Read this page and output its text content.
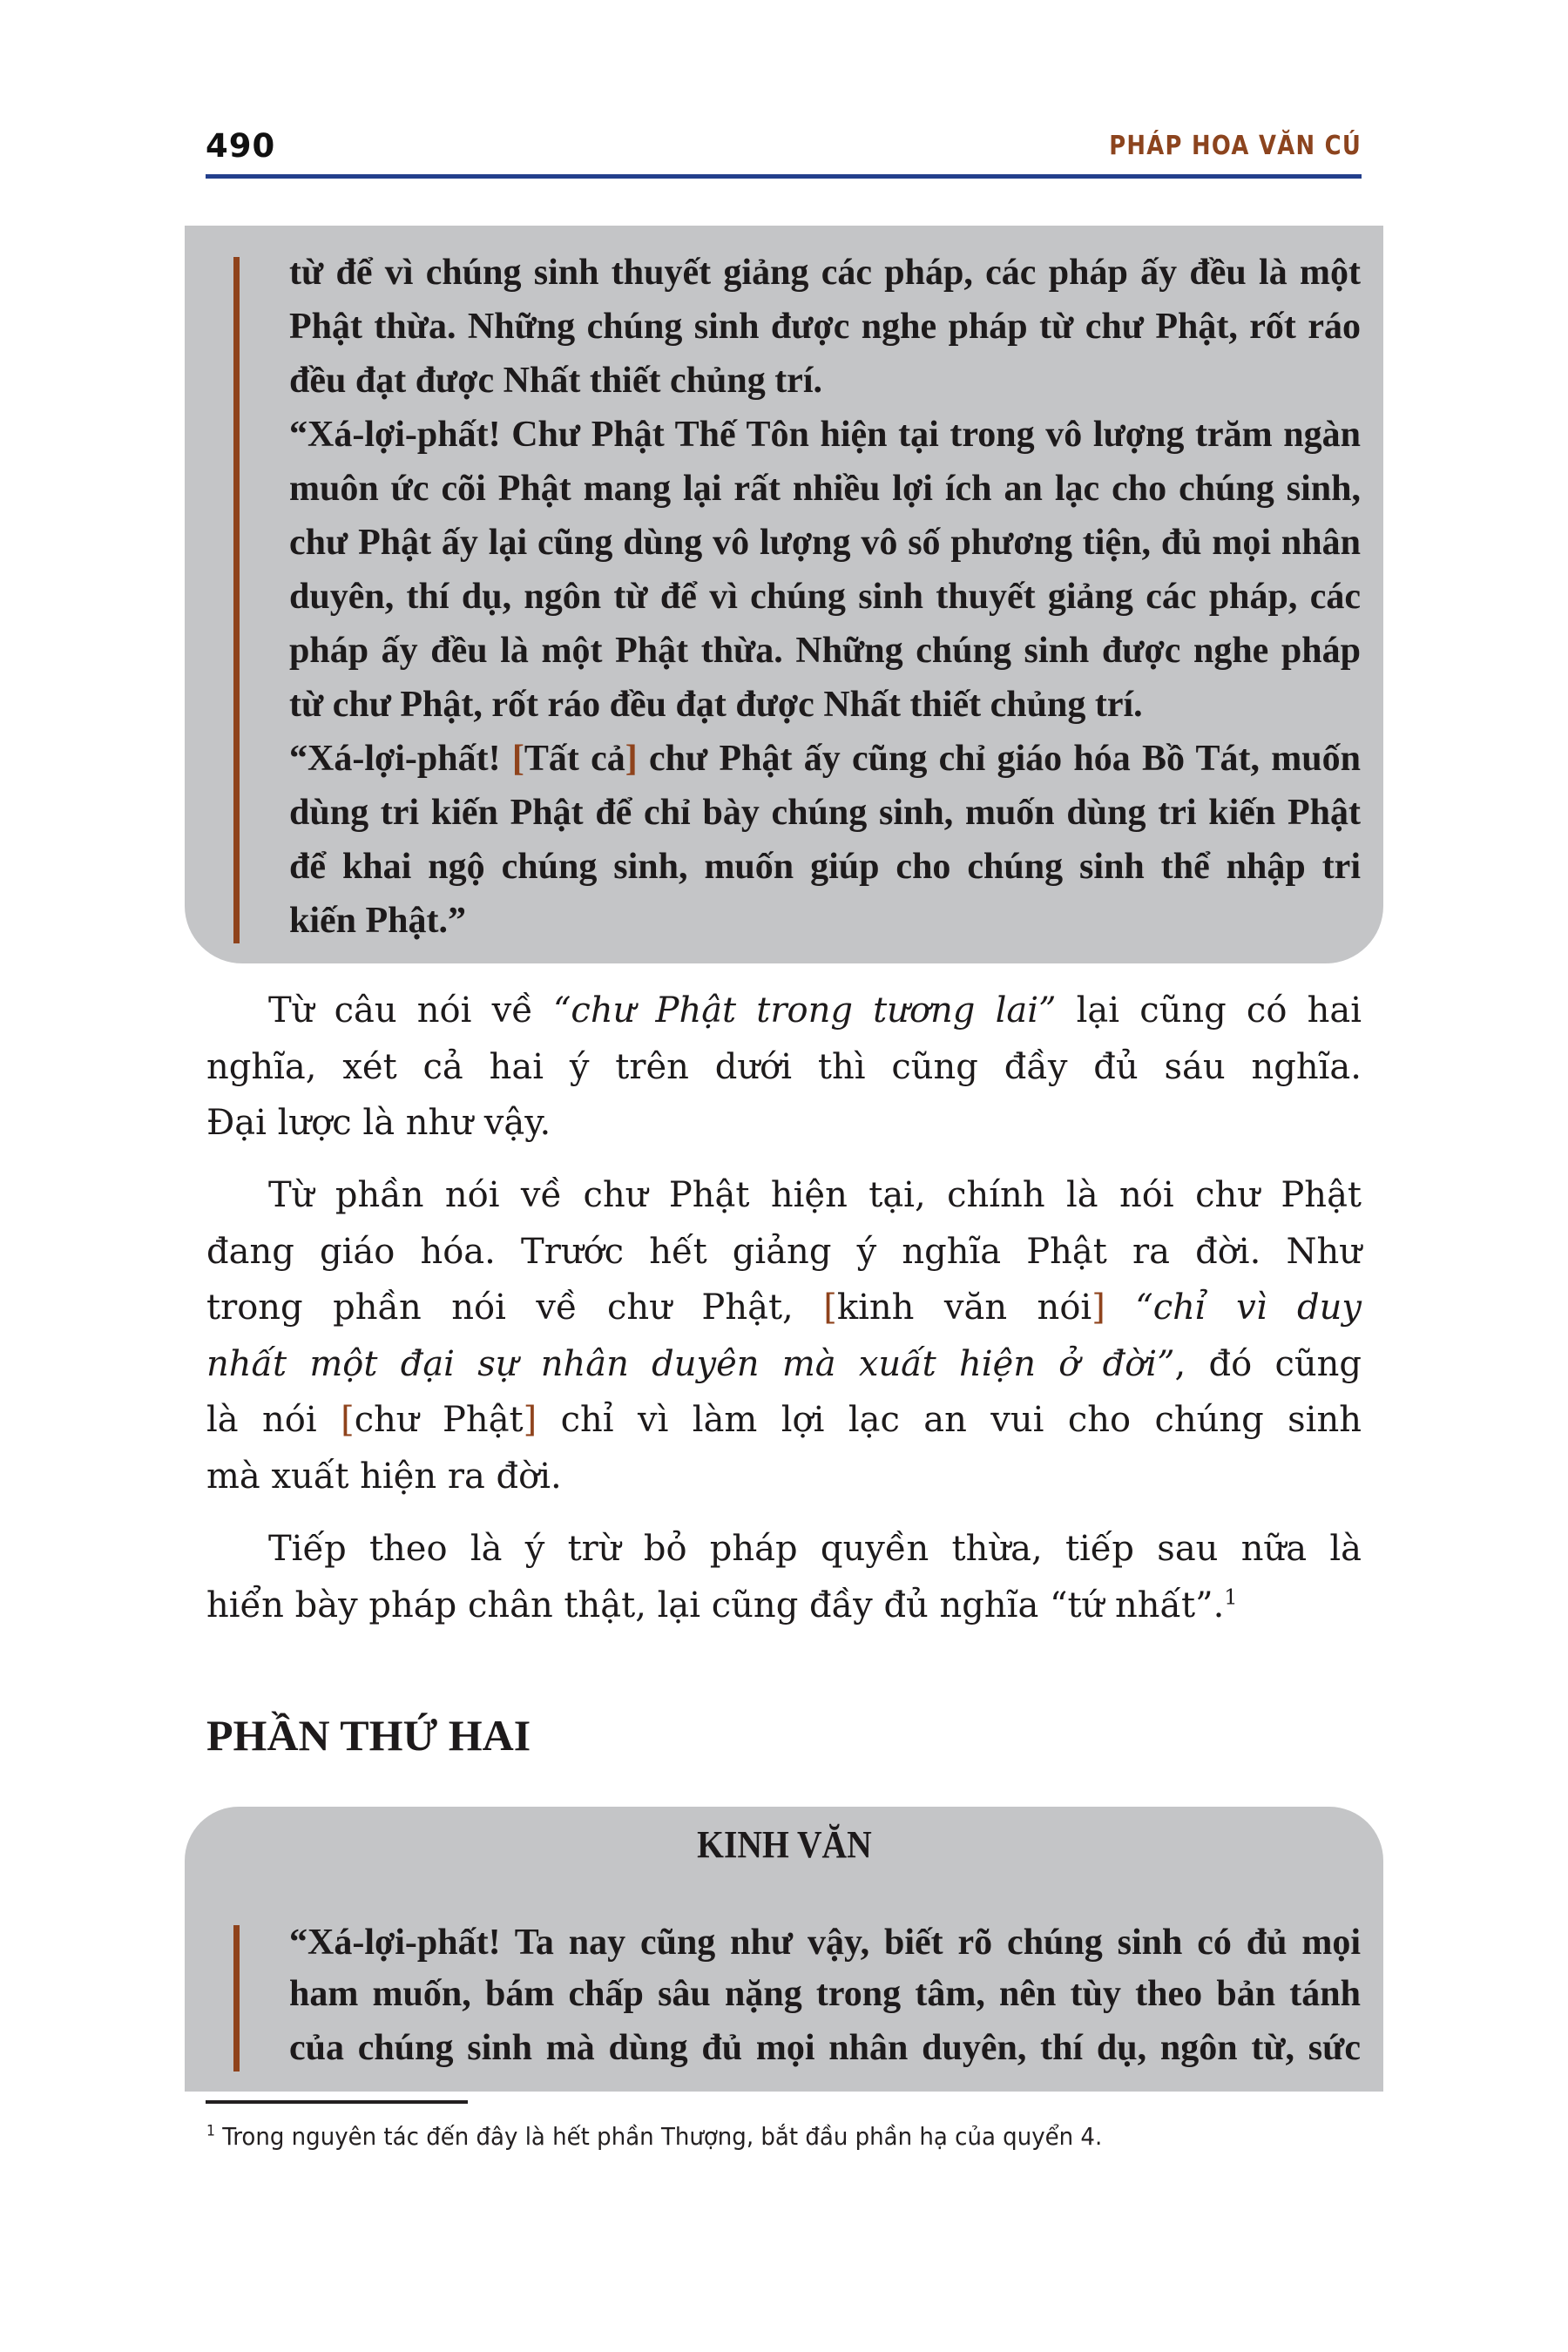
490	PHÁP HOA VĂN CÚ
từ để vì chúng sinh thuyết giảng các pháp, các pháp ấy đều là một
Phật thừa. Những chúng sinh được nghe pháp từ chư Phật, rốt ráo
đều đạt được Nhất thiết chủng trí.
“Xá-lợi-phất! Chư Phật Thế Tôn hiện tại trong vô lượng trăm ngàn
muôn ức cõi Phật mang lại rất nhiều lợi ích an lạc cho chúng sinh,
chư Phật ấy lại cũng dùng vô lượng vô số phương tiện, đủ mọi nhân
duyên, thí dụ, ngôn từ để vì chúng sinh thuyết giảng các pháp, các
pháp ấy đều là một Phật thừa. Những chúng sinh được nghe pháp
từ chư Phật, rốt ráo đều đạt được Nhất thiết chủng trí.
“Xá-lợi-phất! [Tất cả] chư Phật ấy cũng chỉ giáo hóa Bồ Tát, muốn
dùng tri kiến Phật để chỉ bày chúng sinh, muốn dùng tri kiến Phật
để khai ngộ chúng sinh, muốn giúp cho chúng sinh thể nhập tri
kiến Phật.”
Từ câu nói về “chư Phật trong tương lai” lại cũng có hai
nghĩa, xét cả hai ý trên dưới thì cũng đầy đủ sáu nghĩa.
Đại lược là như vậy.
Từ phần nói về chư Phật hiện tại, chính là nói chư Phật
đang giáo hóa. Trước hết giảng ý nghĩa Phật ra đời. Như
trong phần nói về chư Phật, [kinh văn nói] “chỉ vì duy
nhất một đại sự nhân duyên mà xuất hiện ở đời”, đó cũng
là nói [chư Phật] chỉ vì làm lợi lạc an vui cho chúng sinh
mà xuất hiện ra đời.
Tiếp theo là ý trừ bỏ pháp quyền thừa, tiếp sau nữa là
hiển bày pháp chân thật, lại cũng đầy đủ nghĩa “tứ nhất”.$^1$
PHẦN THỨ HAI
KINH VĂN
“Xá-lợi-phất! Ta nay cũng như vậy, biết rõ chúng sinh có đủ mọi
ham muốn, bám chấp sâu nặng trong tâm, nên tùy theo bản tánh
của chúng sinh mà dùng đủ mọi nhân duyên, thí dụ, ngôn từ, sức
$^1$ Trong nguyên tác đến đây là hết phần Thượng, bắt đầu phần hạ của quyển 4.
